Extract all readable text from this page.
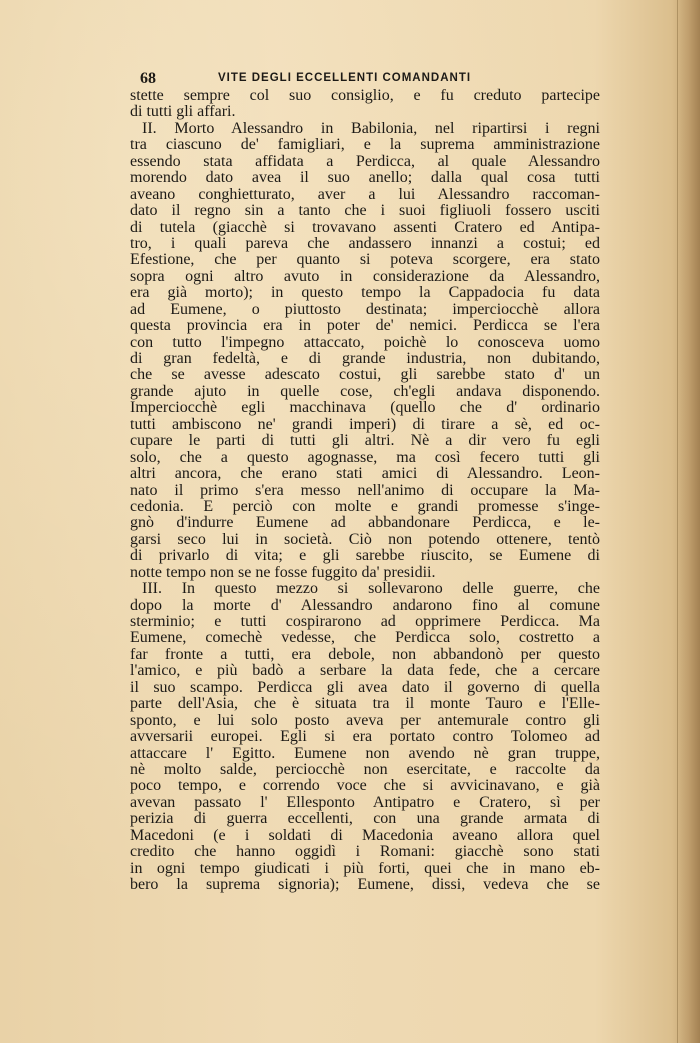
68	VITE DEGLI ECCELLENTI COMANDANTI
stette sempre col suo consiglio, e fu creduto partecipe
di tutti gli affari.
II. Morto Alessandro in Babilonia, nel ripartirsi i regni
tra ciascuno de' famigliari, e la suprema amministrazione
essendo stata affidata a Perdicca, al quale Alessandro
morendo dato avea il suo anello; dalla qual cosa tutti
aveano conghietturato, aver a lui Alessandro raccoman-
dato il regno sin a tanto che i suoi figliuoli fossero usciti
di tutela (giacchè si trovavano assenti Cratero ed Antipa-
tro, i quali pareva che andassero innanzi a costui; ed
Efestione, che per quanto si poteva scorgere, era stato
sopra ogni altro avuto in considerazione da Alessandro,
era già morto); in questo tempo la Cappadocia fu data
ad Eumene, o piuttosto destinata; imperciocchè allora
questa provincia era in poter de' nemici. Perdicca se l'era
con tutto l'impegno attaccato, poichè lo conosceva uomo
di gran fedeltà, e di grande industria, non dubitando,
che se avesse adescato costui, gli sarebbe stato d' un
grande ajuto in quelle cose, ch'egli andava disponendo.
Imperciocchè egli macchinava (quello che d' ordinario
tutti ambiscono ne' grandi imperi) di tirare a sè, ed oc-
cupare le parti di tutti gli altri. Nè a dir vero fu egli
solo, che a questo agognasse, ma così fecero tutti gli
altri ancora, che erano stati amici di Alessandro. Leon-
nato il primo s'era messo nell'animo di occupare la Ma-
cedonia. E perciò con molte e grandi promesse s'inge-
gnò d'indurre Eumene ad abbandonare Perdicca, e le-
garsi seco lui in società. Ciò non potendo ottenere, tentò
di privarlo di vita; e gli sarebbe riuscito, se Eumene di
notte tempo non se ne fosse fuggito da' presidii.
III. In questo mezzo si sollevarono delle guerre, che
dopo la morte d' Alessandro andarono fino al comune
sterminio; e tutti cospirarono ad opprimere Perdicca. Ma
Eumene, comechè vedesse, che Perdicca solo, costretto a
far fronte a tutti, era debole, non abbandonò per questo
l'amico, e più badò a serbare la data fede, che a cercare
il suo scampo. Perdicca gli avea dato il governo di quella
parte dell'Asia, che è situata tra il monte Tauro e l'Elle-
sponto, e lui solo posto aveva per antemurale contro gli
avversarii europei. Egli si era portato contro Tolomeo ad
attaccare l' Egitto. Eumene non avendo nè gran truppe,
nè molto salde, perciocchè non esercitate, e raccolte da
poco tempo, e correndo voce che si avvicinavano, e già
avevan passato l' Ellesponto Antipatro e Cratero, sì per
perizia di guerra eccellenti, con una grande armata di
Macedoni (e i soldati di Macedonia aveano allora quel
credito che hanno oggidì i Romani: giacchè sono stati
in ogni tempo giudicati i più forti, quei che in mano eb-
bero la suprema signoria); Eumene, dissi, vedeva che se
